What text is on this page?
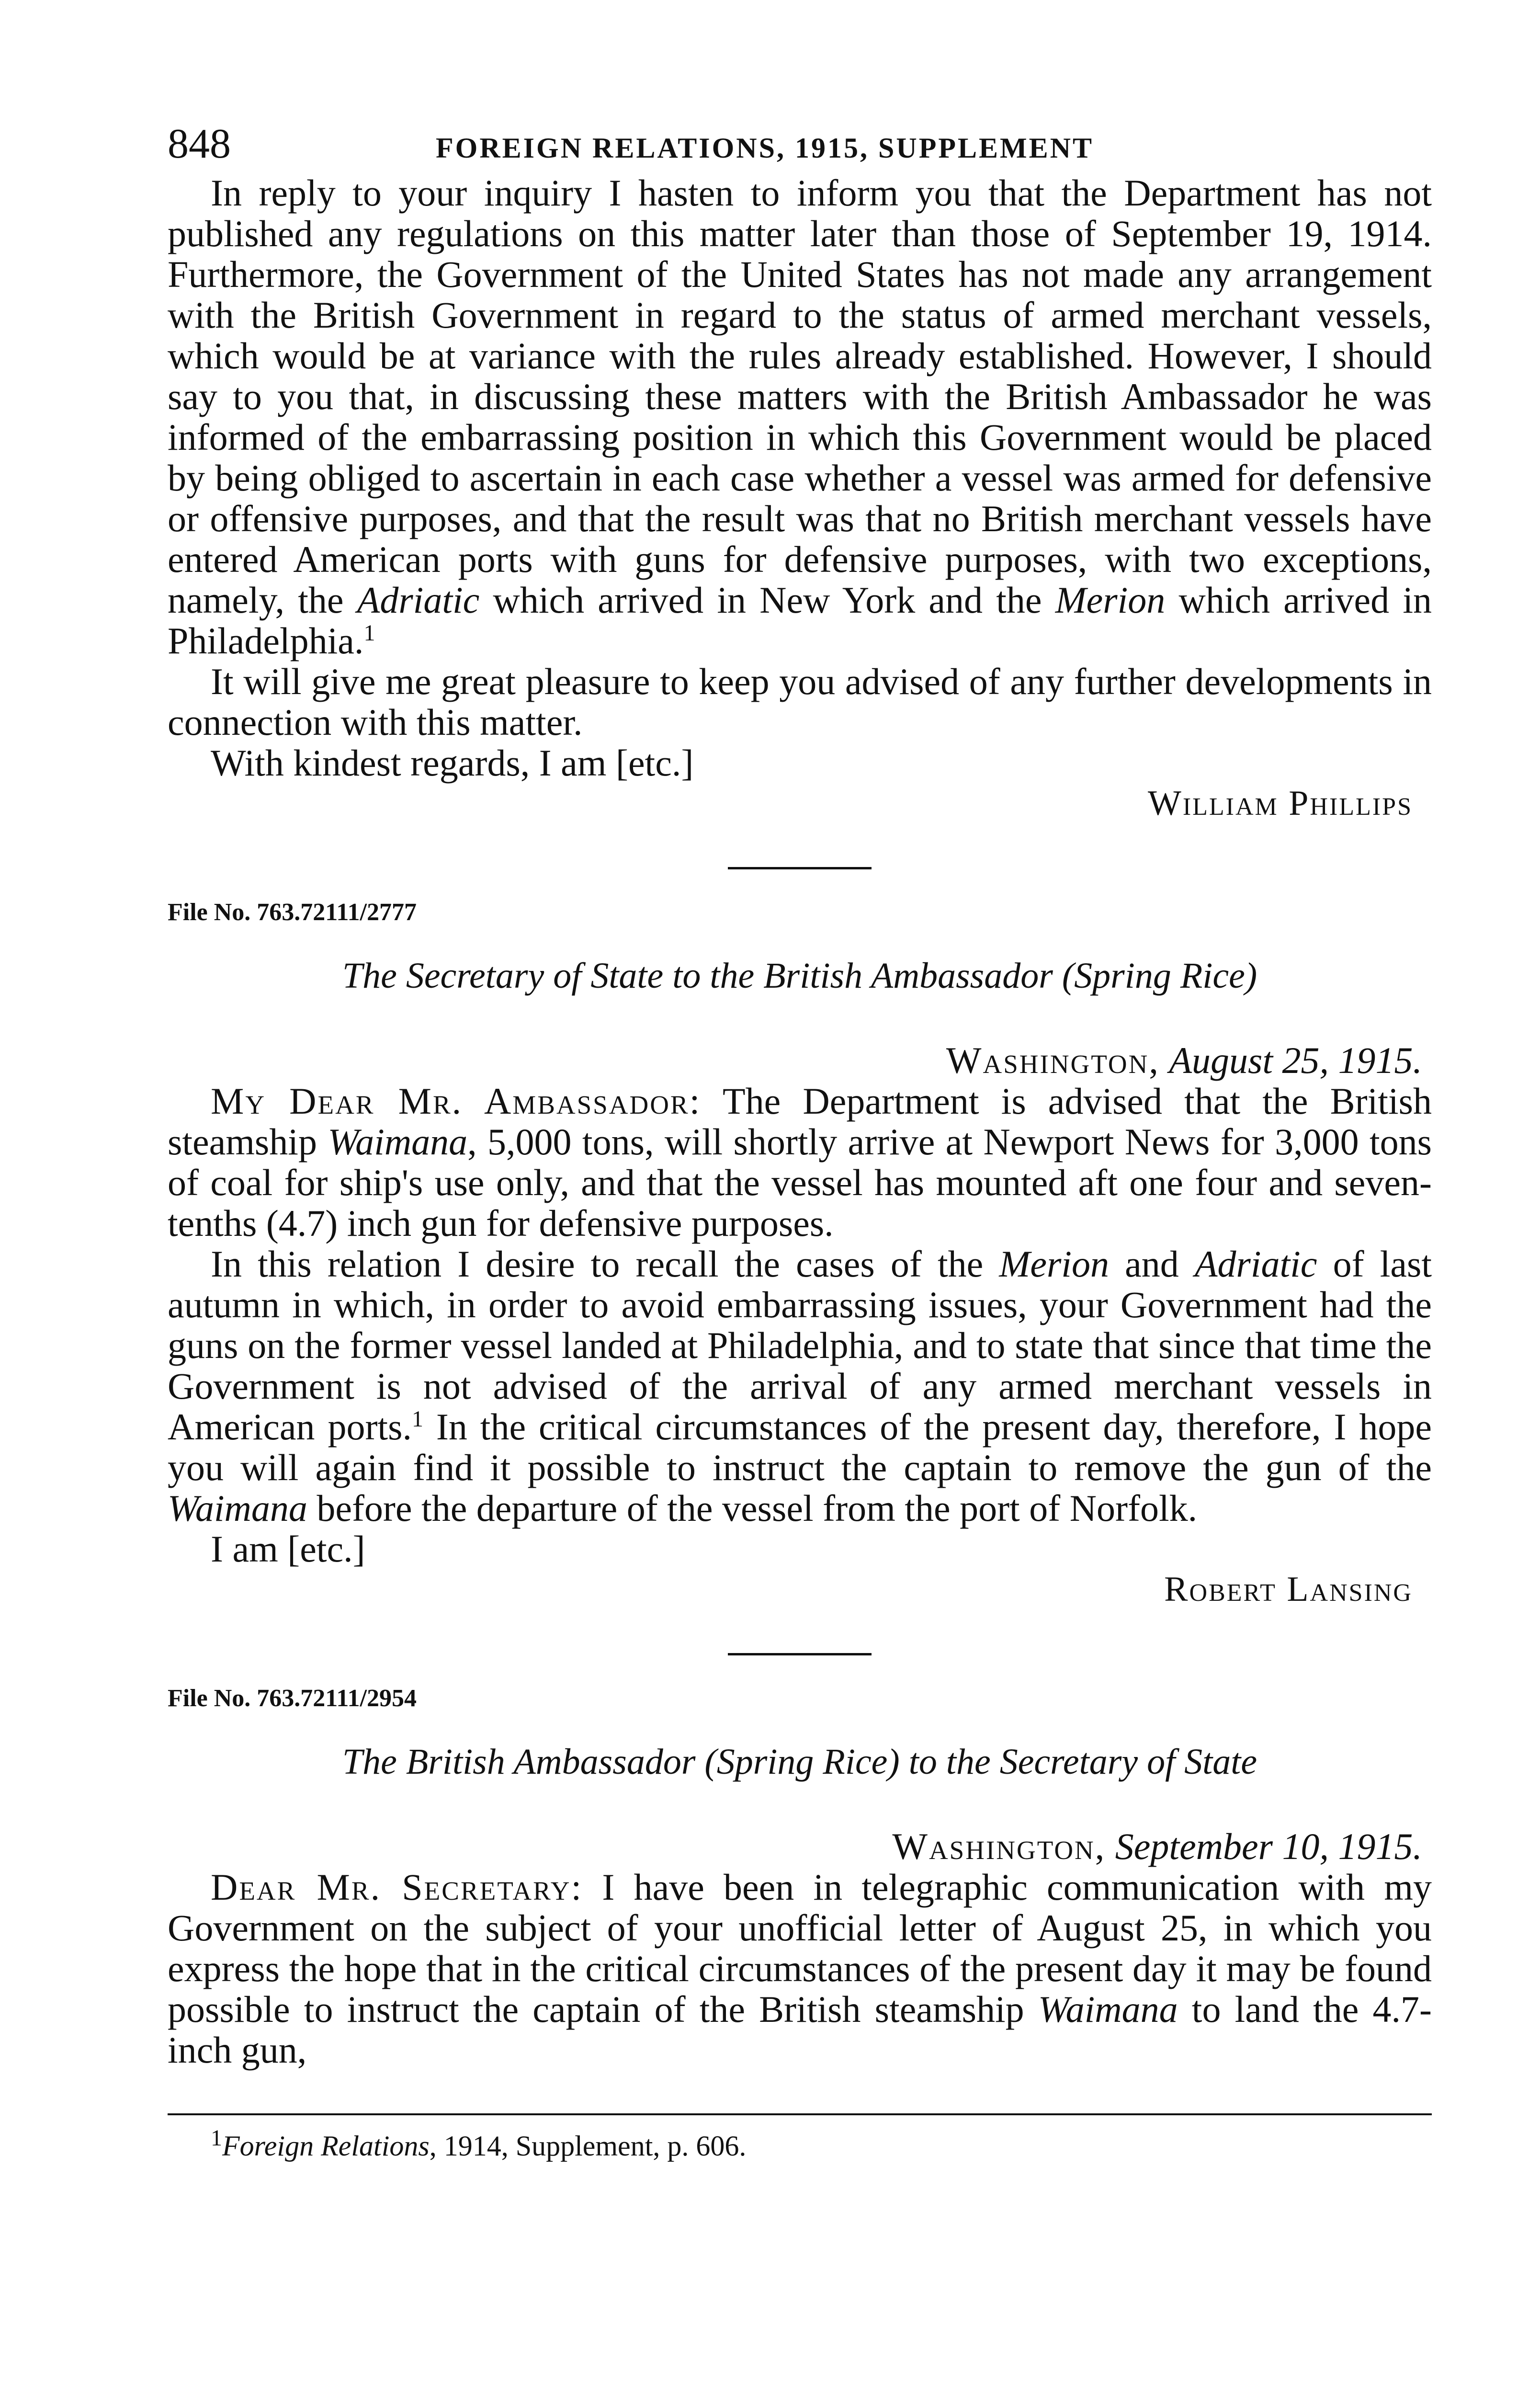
848	FOREIGN RELATIONS, 1915, SUPPLEMENT

In reply to your inquiry I hasten to inform you that the Department has not published any regulations on this matter later than those of September 19, 1914. Furthermore, the Government of the United States has not made any arrangement with the British Government in regard to the status of armed merchant vessels, which would be at variance with the rules already established. However, I should say to you that, in discussing these matters with the British Ambassador he was informed of the embarrassing position in which this Government would be placed by being obliged to ascertain in each case whether a vessel was armed for defensive or offensive purposes, and that the result was that no British merchant vessels have entered American ports with guns for defensive purposes, with two exceptions, namely, the Adriatic which arrived in New York and the Merion which arrived in Philadelphia.$^1$

It will give me great pleasure to keep you advised of any further developments in connection with this matter.

With kindest regards, I am [etc.]

William Phillips
File No. 763.72111/2777
The Secretary of State to the British Ambassador (Spring Rice)
Washington, August 25, 1915.

My Dear Mr. Ambassador: The Department is advised that the British steamship Waimana, 5,000 tons, will shortly arrive at Newport News for 3,000 tons of coal for ship's use only, and that the vessel has mounted aft one four and seven-tenths (4.7) inch gun for defensive purposes.

In this relation I desire to recall the cases of the Merion and Adriatic of last autumn in which, in order to avoid embarrassing issues, your Government had the guns on the former vessel landed at Philadelphia, and to state that since that time the Government is not advised of the arrival of any armed merchant vessels in American ports.$^1$ In the critical circumstances of the present day, therefore, I hope you will again find it possible to instruct the captain to remove the gun of the Waimana before the departure of the vessel from the port of Norfolk.

I am [etc.]

Robert Lansing
File No. 763.72111/2954
The British Ambassador (Spring Rice) to the Secretary of State
Washington, September 10, 1915.

Dear Mr. Secretary: I have been in telegraphic communication with my Government on the subject of your unofficial letter of August 25, in which you express the hope that in the critical circumstances of the present day it may be found possible to instruct the captain of the British steamship Waimana to land the 4.7-inch gun,

$^1$Foreign Relations, 1914, Supplement, p. 606.
